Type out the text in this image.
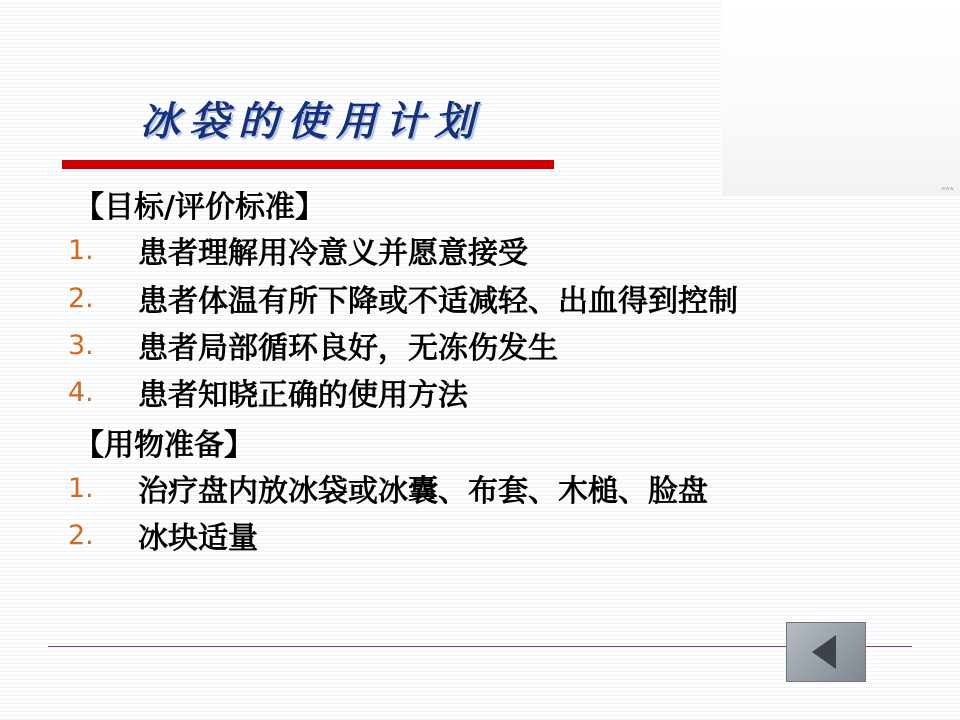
冰袋的使用计划
www
【目标/评价标准】
1.	患者理解用冷意义并愿意接受
2.	患者体温有所下降或不适减轻、出血得到控制
3.	患者局部循环良好，无冻伤发生
4.	患者知晓正确的使用方法
【用物准备】
1.	治疗盘内放冰袋或冰囊、布套、木槌、脸盘
2.	冰块适量
